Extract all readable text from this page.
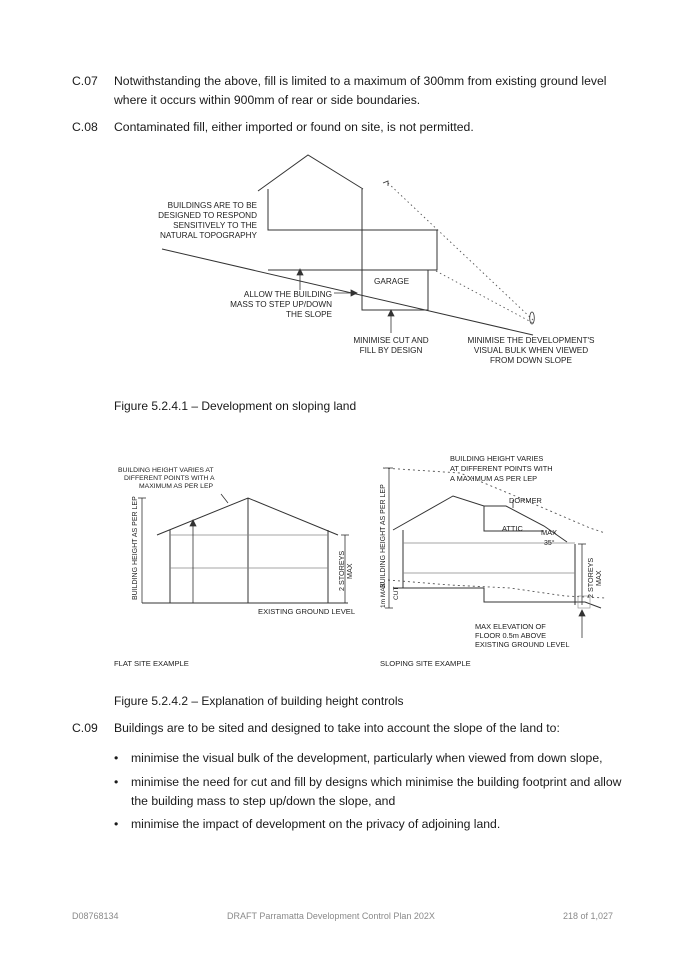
C.07 Notwithstanding the above, fill is limited to a maximum of 300mm from existing ground level where it occurs within 900mm of rear or side boundaries.
C.08 Contaminated fill, either imported or found on site, is not permitted.
BUILDINGS ARE TO BE
DESIGNED TO RESPOND
SENSITIVELY TO THE
NATURAL TOPOGRAPHY
ALLOW THE BUILDING
MASS TO STEP UP/DOWN
THE SLOPE
GARAGE
MINIMISE CUT AND
FILL BY DESIGN
MINIMISE THE DEVELOPMENT'S
VISUAL BULK WHEN VIEWED
FROM DOWN SLOPE
Figure 5.2.4.1 – Development on sloping land
BUILDING HEIGHT VARIES AT
DIFFERENT POINTS WITH A
MAXIMUM AS PER LEP
BUILDING HEIGHT AS PER LEP	2 STOREYS MAX
EXISTING GROUND LEVEL
FLAT SITE EXAMPLE
BUILDING HEIGHT VARIES
AT DIFFERENT POINTS WITH
A MAXIMUM AS PER LEP
DORMER
ATTIC MAX
35°
BUILDING HEIGHT AS PER LEP
1m MAX CUT	2 STOREYS MAX
MAX ELEVATION OF
FLOOR 0.5m ABOVE
EXISTING GROUND LEVEL
SLOPING SITE EXAMPLE
Figure 5.2.4.2 – Explanation of building height controls
C.09 Buildings are to be sited and designed to take into account the slope of the land to:
• minimise the visual bulk of the development, particularly when viewed from down slope,
• minimise the need for cut and fill by designs which minimise the building footprint and allow the building mass to step up/down the slope, and
• minimise the impact of development on the privacy of adjoining land.
D08768134	DRAFT Parramatta Development Control Plan 202X	218 of 1,027
